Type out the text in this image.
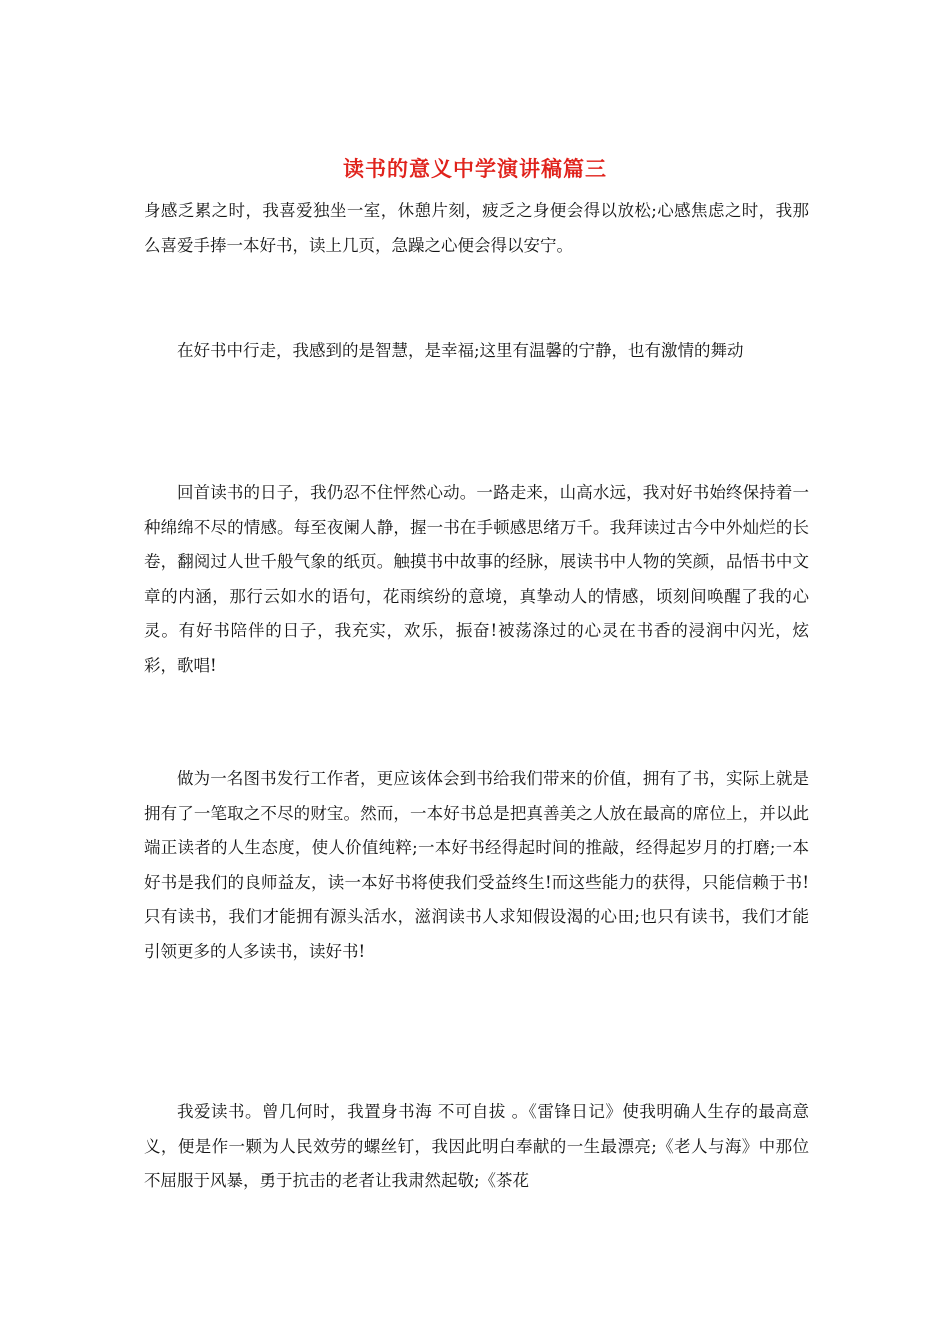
读书的意义中学演讲稿篇三

身感乏累之时，我喜爱独坐一室，休憩片刻，疲乏之身便会得以放松;心感焦虑之时，我那么喜爱手捧一本好书，读上几页，急躁之心便会得以安宁。

在好书中行走，我感到的是智慧，是幸福;这里有温馨的宁静，也有激情的舞动

回首读书的日子，我仍忍不住怦然心动。一路走来，山高水远，我对好书始终保持着一种绵绵不尽的情感。每至夜阑人静，握一书在手顿感思绪万千。我拜读过古今中外灿烂的长卷，翻阅过人世千般气象的纸页。触摸书中故事的经脉，展读书中人物的笑颜，品悟书中文章的内涵，那行云如水的语句，花雨缤纷的意境，真挚动人的情感，顷刻间唤醒了我的心灵。有好书陪伴的日子，我充实，欢乐，振奋!被荡涤过的心灵在书香的浸润中闪光，炫彩，歌唱!

做为一名图书发行工作者，更应该体会到书给我们带来的价值，拥有了书，实际上就是拥有了一笔取之不尽的财宝。然而，一本好书总是把真善美之人放在最高的席位上，并以此端正读者的人生态度，使人价值纯粹;一本好书经得起时间的推敲，经得起岁月的打磨;一本好书是我们的良师益友，读一本好书将使我们受益终生!而这些能力的获得，只能信赖于书!只有读书，我们才能拥有源头活水，滋润读书人求知假设渴的心田;也只有读书，我们才能引领更多的人多读书，读好书!

我爱读书。曾几何时，我置身书海 不可自拔 。《雷锋日记》使我明确人生存的最高意义，便是作一颗为人民效劳的螺丝钉，我因此明白奉献的一生最漂亮;《老人与海》中那位不屈服于风暴，勇于抗击的老者让我肃然起敬;《茶花
